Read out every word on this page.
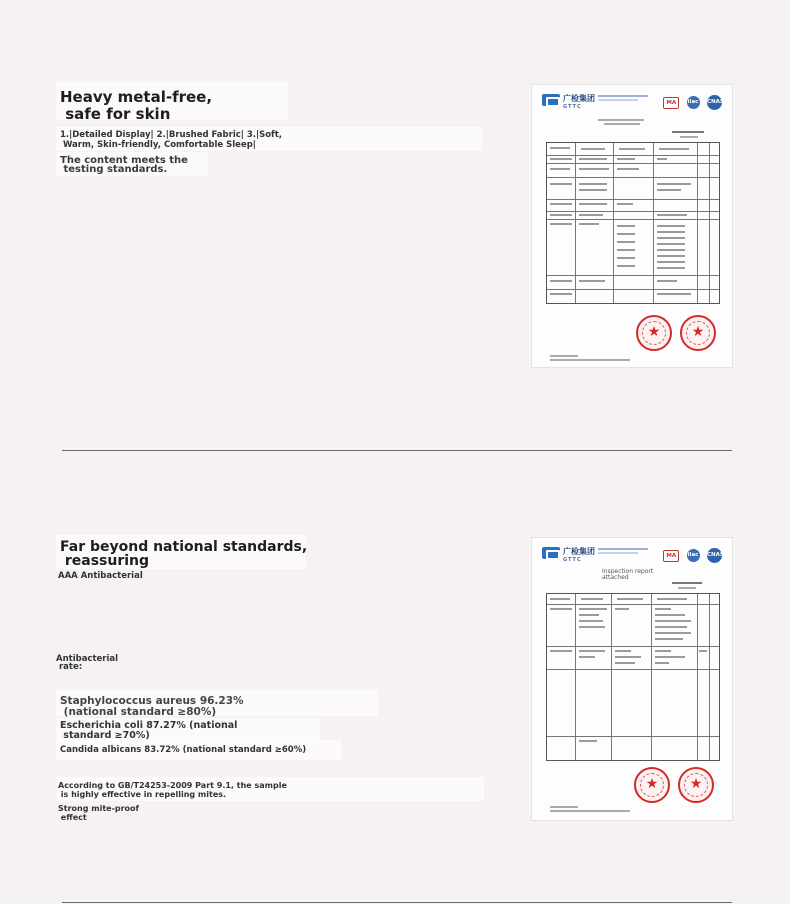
Heavy metal-free,
safe for skin
1.|Detailed Display| 2.|Brushed Fabric| 3.|Soft,
Warm, Skin-friendly, Comfortable Sleep|
The content meets the
testing standards.
广检集团
GTTC
MA ilac CNAS
★	★
Far beyond national standards,
reassuring
AAA Antibacterial
Antibacterial
rate:
Staphylococcus aureus 96.23%
(national standard ≥80%)
Escherichia coli 87.27% (national
standard ≥70%)
Candida albicans 83.72% (national standard ≥60%)
According to GB/T24253-2009 Part 9.1, the sample
is highly effective in repelling mites.
Strong mite-proof
effect
广检集团
GTTC
MA ilac CNAS
Inspection report
attached
★	★
